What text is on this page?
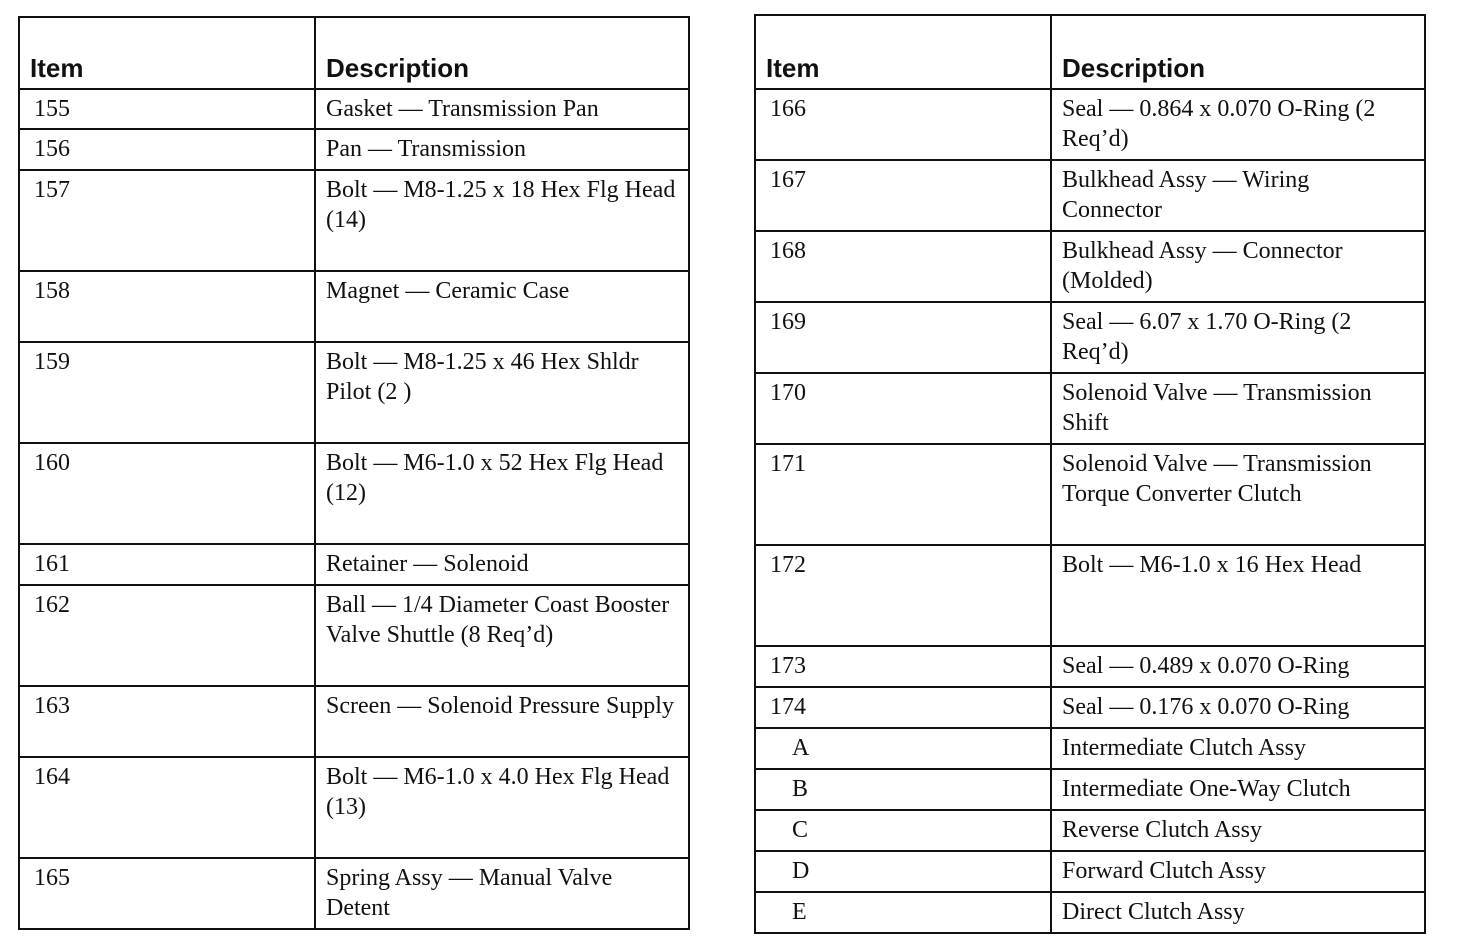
Item	Description
155	Gasket — Transmission Pan
156	Pan — Transmission
157	Bolt — M8-1.25 x 18 Hex Flg Head (14)
158	Magnet — Ceramic Case
159	Bolt — M8-1.25 x 46 Hex Shldr Pilot (2 )
160	Bolt — M6-1.0 x 52 Hex Flg Head (12)
161	Retainer — Solenoid
162	Ball — 1/4 Diameter Coast Booster Valve Shuttle (8 Req’d)
163	Screen — Solenoid Pressure Supply
164	Bolt — M6-1.0 x 4.0 Hex Flg Head (13)
165	Spring Assy — Manual Valve Detent
Item	Description
166	Seal — 0.864 x 0.070 O-Ring (2 Req’d)
167	Bulkhead Assy — Wiring Connector
168	Bulkhead Assy — Connector (Molded)
169	Seal — 6.07 x 1.70 O-Ring (2 Req’d)
170	Solenoid Valve — Transmission Shift
171	Solenoid Valve — Transmission Torque Converter Clutch
172	Bolt — M6-1.0 x 16 Hex Head
173	Seal — 0.489 x 0.070 O-Ring
174	Seal — 0.176 x 0.070 O-Ring
A	Intermediate Clutch Assy
B	Intermediate One-Way Clutch
C	Reverse Clutch Assy
D	Forward Clutch Assy
E	Direct Clutch Assy
